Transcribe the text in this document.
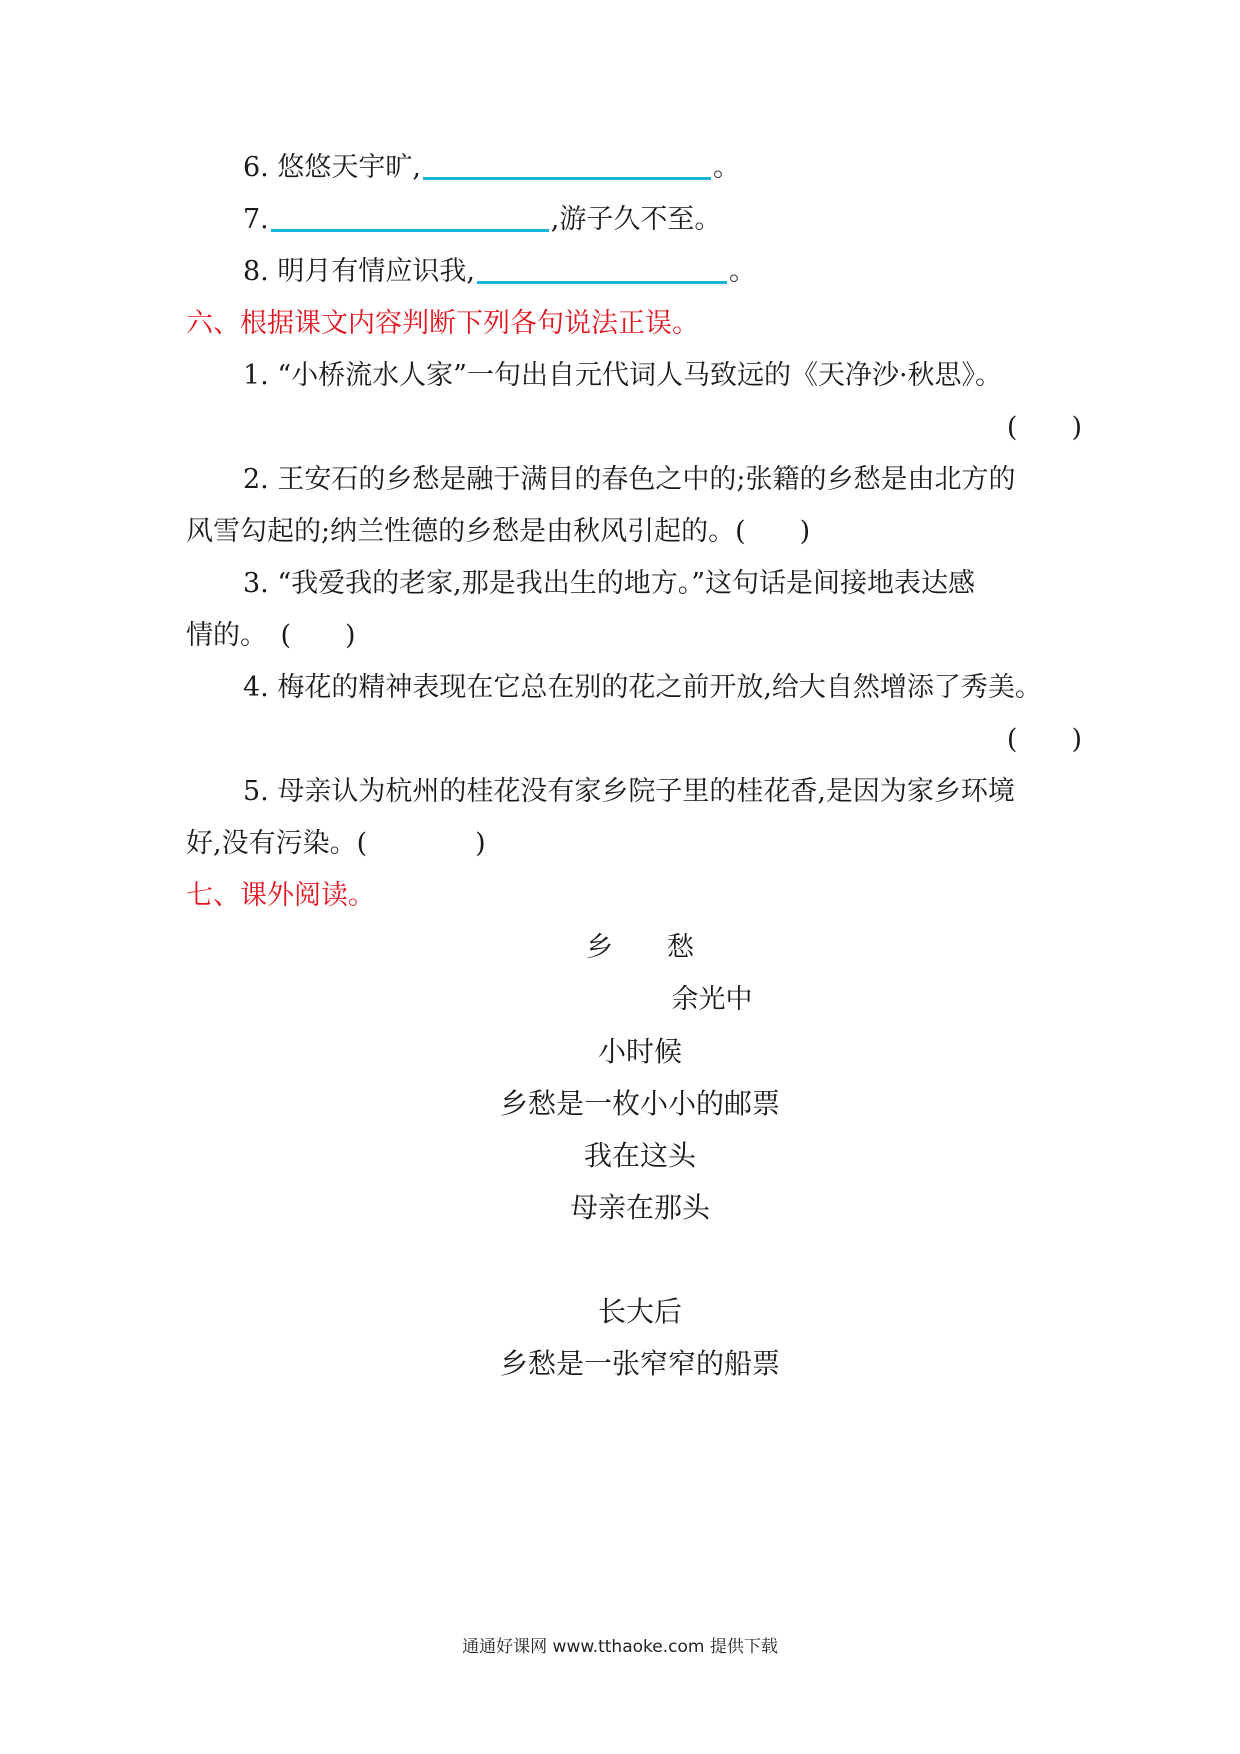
6. 悠悠天宇旷,	。
7.	,游子久不至。
8. 明月有情应识我,	。
六、根据课文内容判断下列各句说法正误。
1. “小桥流水人家”一句出自元代词人马致远的《天净沙·秋思》。
(　　)
2. 王安石的乡愁是融于满目的春色之中的;张籍的乡愁是由北方的
风雪勾起的;纳兰性德的乡愁是由秋风引起的。(　　)
3. “我爱我的老家,那是我出生的地方。”这句话是间接地表达感
情的。　(　　)
4. 梅花的精神表现在它总在别的花之前开放,给大自然增添了秀美。
(　　)
5. 母亲认为杭州的桂花没有家乡院子里的桂花香,是因为家乡环境
好,没有污染。(　　　　)
七、课外阅读。
乡　　愁
余光中
小时候
乡愁是一枚小小的邮票
我在这头
母亲在那头
长大后
乡愁是一张窄窄的船票
通通好课网 www.tthaoke.com 提供下载
